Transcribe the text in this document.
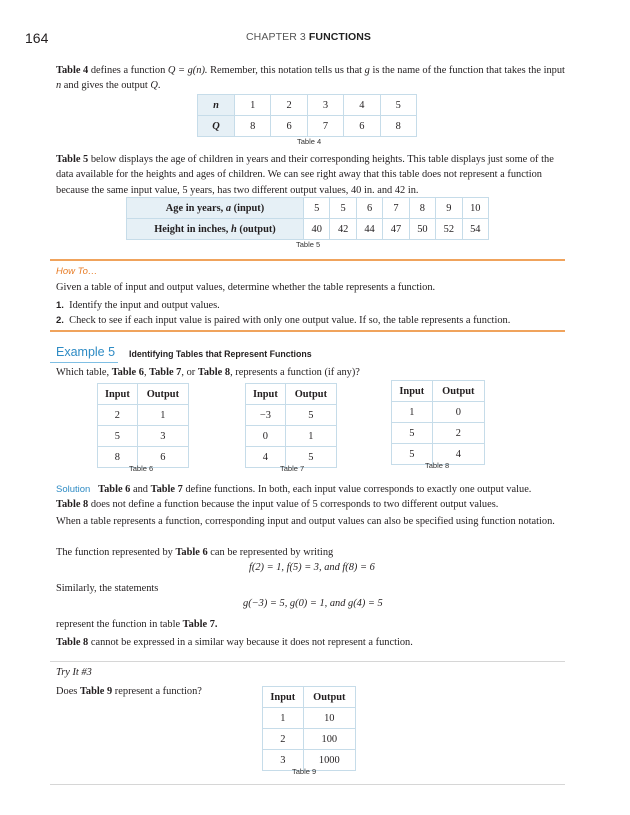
164	CHAPTER 3 FUNCTIONS
Table 4 defines a function Q = g(n). Remember, this notation tells us that g is the name of the function that takes the input n and gives the output Q.
n	1	2	3	4	5
Q	8	6	7	6	8
Table 4
Table 5 below displays the age of children in years and their corresponding heights. This table displays just some of the data available for the heights and ages of children. We can see right away that this table does not represent a function because the same input value, 5 years, has two different output values, 40 in. and 42 in.
Age in years, a (input)	5	5	6	7	8	9	10
Height in inches, h (output)	40	42	44	47	50	52	54
Table 5
How To…
Given a table of input and output values, determine whether the table represents a function.
1. Identify the input and output values.
2. Check to see if each input value is paired with only one output value. If so, the table represents a function.
Example 5 Identifying Tables that Represent Functions
Which table, Table 6, Table 7, or Table 8, represents a function (if any)?
Input	Output
2	1
5	3
8	6
Table 6
Input	Output
−3	5
0	1
4	5
Table 7
Input	Output
1	0
5	2
5	4
Table 8
Solution Table 6 and Table 7 define functions. In both, each input value corresponds to exactly one output value.
Table 8 does not define a function because the input value of 5 corresponds to two different output values.
When a table represents a function, corresponding input and output values can also be specified using function notation.
The function represented by Table 6 can be represented by writing
f(2) = 1, f(5) = 3, and f(8) = 6
Similarly, the statements
g(−3) = 5, g(0) = 1, and g(4) = 5
represent the function in table Table 7.
Table 8 cannot be expressed in a similar way because it does not represent a function.
Try It #3
Does Table 9 represent a function?	Input	Output
1	10
2	100
3	1000
Table 9
